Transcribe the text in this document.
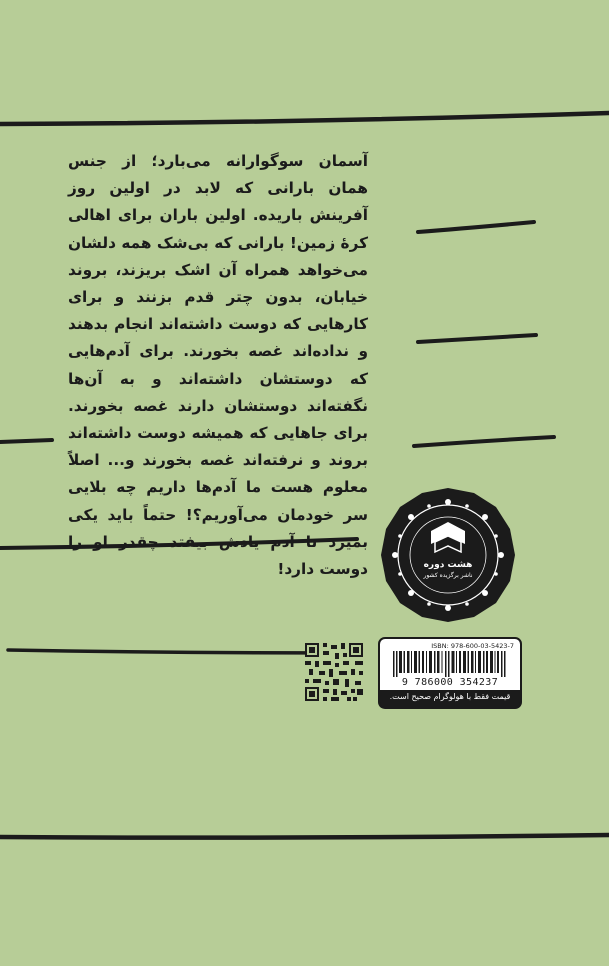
آسمان سوگوارانه می‌بارد؛ از جنس همان بارانی که لابد در اولین روز آفرینش باریده. اولین باران برای اهالی کرهٔ زمین! بارانی که بی‌شک همه دلشان می‌خواهد همراه آن اشک بریزند، بروند خیابان، بدون چتر قدم بزنند و برای کارهایی که دوست داشته‌اند انجام بدهند و نداده‌اند غصه بخورند. برای آدم‌هایی که دوستشان داشته‌اند و به آن‌ها نگفته‌اند دوستشان دارند غصه بخورند. برای جاهایی که همیشه دوست داشته‌اند بروند و نرفته‌اند غصه بخورند و... اصلاً معلوم هست ما آدم‌ها داریم چه بلایی سر خودمان می‌آوریم؟! حتماً باید یکی بمیرد تا آدم یادش بیفتد چقدر او را دوست دارد!	هشت دوره
ناشر برگزیده کشور
ISBN: 978-600-03-5423-7
9 786000 354237
قیمت فقط با هولوگرام صحیح است.
